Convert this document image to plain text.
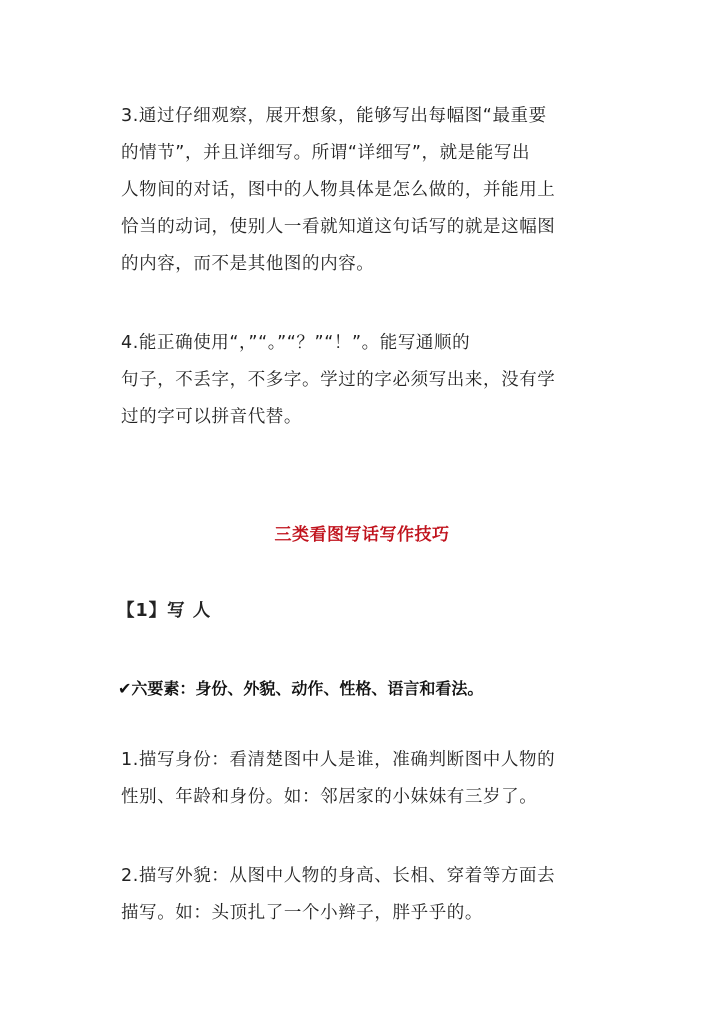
3.通过仔细观察，展开想象，能够写出每幅图“最重要
的情节”，并且详细写。所谓“详细写”，就是能写出
人物间的对话，图中的人物具体是怎么做的，并能用上
恰当的动词，使别人一看就知道这句话写的就是这幅图
的内容，而不是其他图的内容。
4.能正确使用“，”“。”“？”“！”。能写通顺的
句子，不丢字，不多字。学过的字必须写出来，没有学
过的字可以拼音代替。
三类看图写话写作技巧
【1】写 人

✔六要素：身份、外貌、动作、性格、语言和看法。

1.描写身份：看清楚图中人是谁，准确判断图中人物的
性别、年龄和身份。如：邻居家的小妹妹有三岁了。
2.描写外貌：从图中人物的身高、长相、穿着等方面去
描写。如：头顶扎了一个小辫子，胖乎乎的。
